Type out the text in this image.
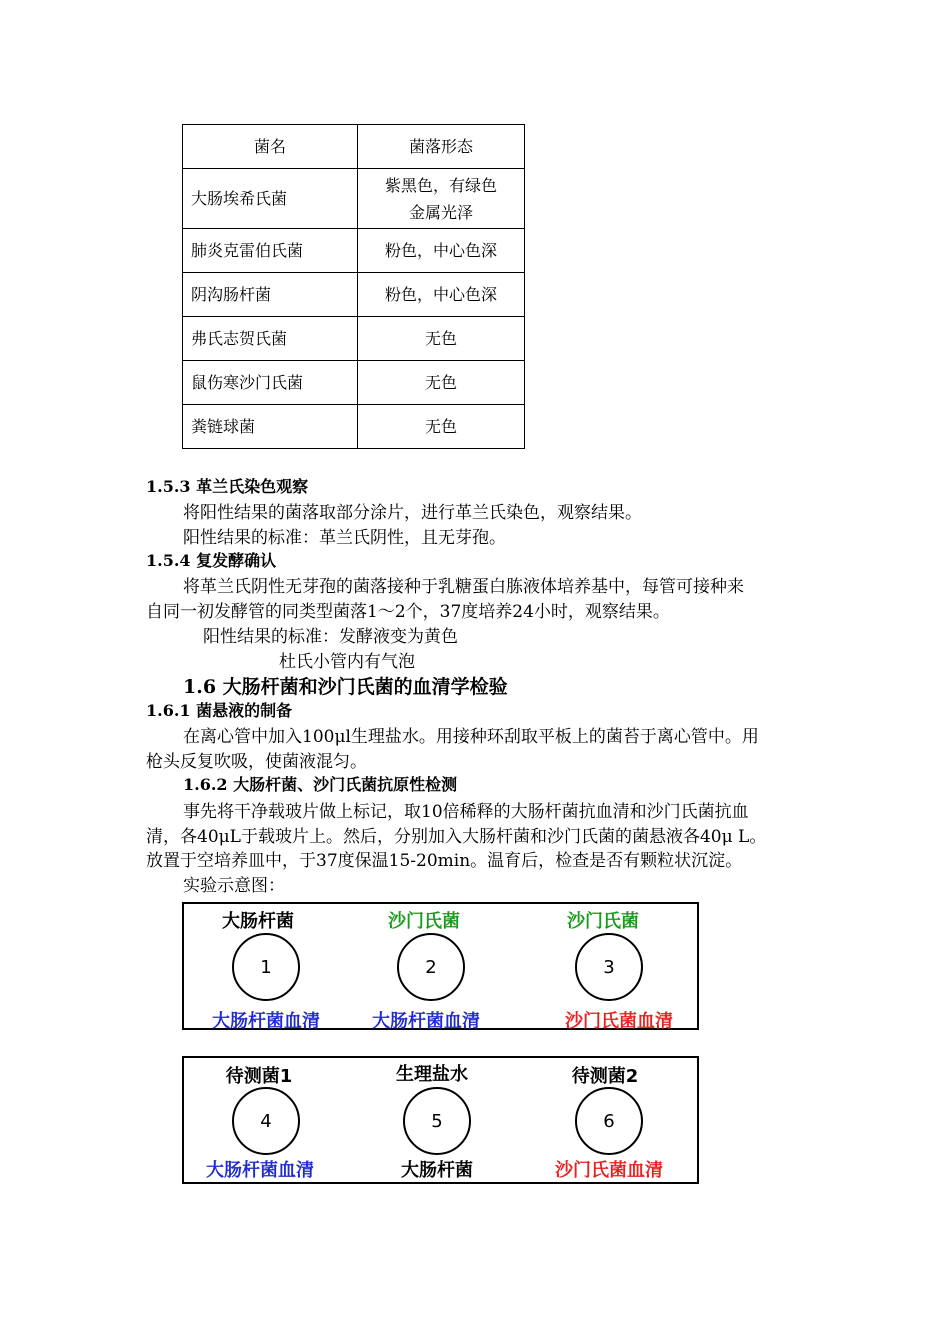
菌名	菌落形态
大肠埃希氏菌	紫黑色，有绿色
金属光泽

肺炎克雷伯氏菌	粉色，中心色深
阴沟肠杆菌	粉色，中心色深
弗氏志贺氏菌	无色
鼠伤寒沙门氏菌	无色
粪链球菌	无色
1.5.3 革兰氏染色观察
将阳性结果的菌落取部分涂片，进行革兰氏染色，观察结果。
阳性结果的标准：革兰氏阴性，且无芽孢。
1.5.4 复发酵确认
将革兰氏阴性无芽孢的菌落接种于乳糖蛋白胨液体培养基中，每管可接种来
自同一初发酵管的同类型菌落1～2个，37度培养24小时，观察结果。
阳性结果的标准：发酵液变为黄色
杜氏小管内有气泡
1.6 大肠杆菌和沙门氏菌的血清学检验
1.6.1 菌悬液的制备
在离心管中加入100μl生理盐水。用接种环刮取平板上的菌苔于离心管中。用
枪头反复吹吸，使菌液混匀。
1.6.2 大肠杆菌、沙门氏菌抗原性检测
事先将干净载玻片做上标记，取10倍稀释的大肠杆菌抗血清和沙门氏菌抗血
清，各40μL于载玻片上。然后，分别加入大肠杆菌和沙门氏菌的菌悬液各40μ L。
放置于空培养皿中，于37度保温15-20min。温育后，检查是否有颗粒状沉淀。
实验示意图：
大肠杆菌
1
大肠杆菌血清
沙门氏菌
2
大肠杆菌血清
沙门氏菌
3
沙门氏菌血清
待测菌1
4
大肠杆菌血清
生理盐水
5
大肠杆菌
待测菌2
6
沙门氏菌血清
